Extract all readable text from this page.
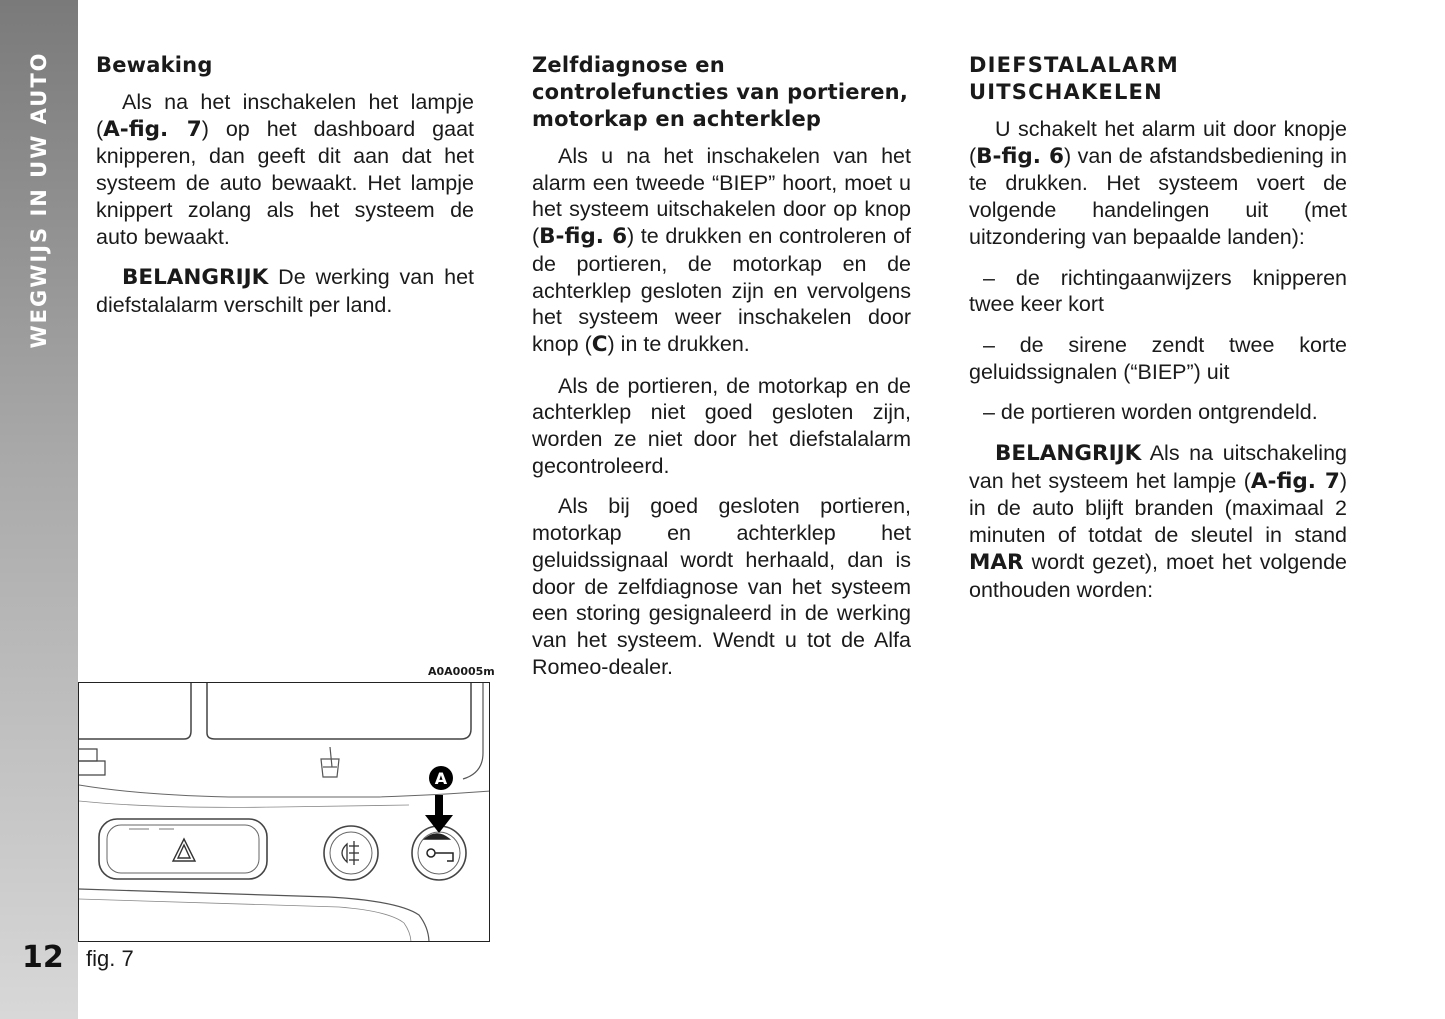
WEGWIJS IN UW AUTO
12
Bewaking

Als na het inschakelen het lampje (A-fig. 7) op het dashboard gaat knipperen, dan geeft dit aan dat het systeem de auto bewaakt. Het lampje knippert zolang als het systeem de auto bewaakt.

BELANGRIJK De werking van het diefstalalarm verschilt per land.

Zelfdiagnose en controlefuncties van portieren, motorkap en achterklep

Als u na het inschakelen van het alarm een tweede “BIEP” hoort, moet u het systeem uitschakelen door op knop (B-fig. 6) te drukken en controleren of de portieren, de motorkap en de achterklep gesloten zijn en vervolgens het systeem weer inschakelen door knop (C) in te drukken.

Als de portieren, de motorkap en de achterklep niet goed gesloten zijn, worden ze niet door het diefstalalarm gecontroleerd.

Als bij goed gesloten portieren, motorkap en achterklep het geluidssignaal wordt herhaald, dan is door de zelfdiagnose van het systeem een storing gesignaleerd in de werking van het systeem. Wendt u tot de Alfa Romeo-dealer.

DIEFSTALALARM UITSCHAKELEN

U schakelt het alarm uit door knopje (B-fig. 6) van de afstandsbediening in te drukken. Het systeem voert de volgende handelingen uit (met uitzondering van bepaalde landen):

– de richtingaanwijzers knipperen twee keer kort

– de sirene zendt twee korte geluidssignalen (“BIEP”) uit

– de portieren worden ontgrendeld.

BELANGRIJK Als na uitschakeling van het systeem het lampje (A-fig. 7) in de auto blijft branden (maximaal 2 minuten of totdat de sleutel in stand MAR wordt gezet), moet het volgende onthouden worden:

A0A0005m
A
fig. 7
